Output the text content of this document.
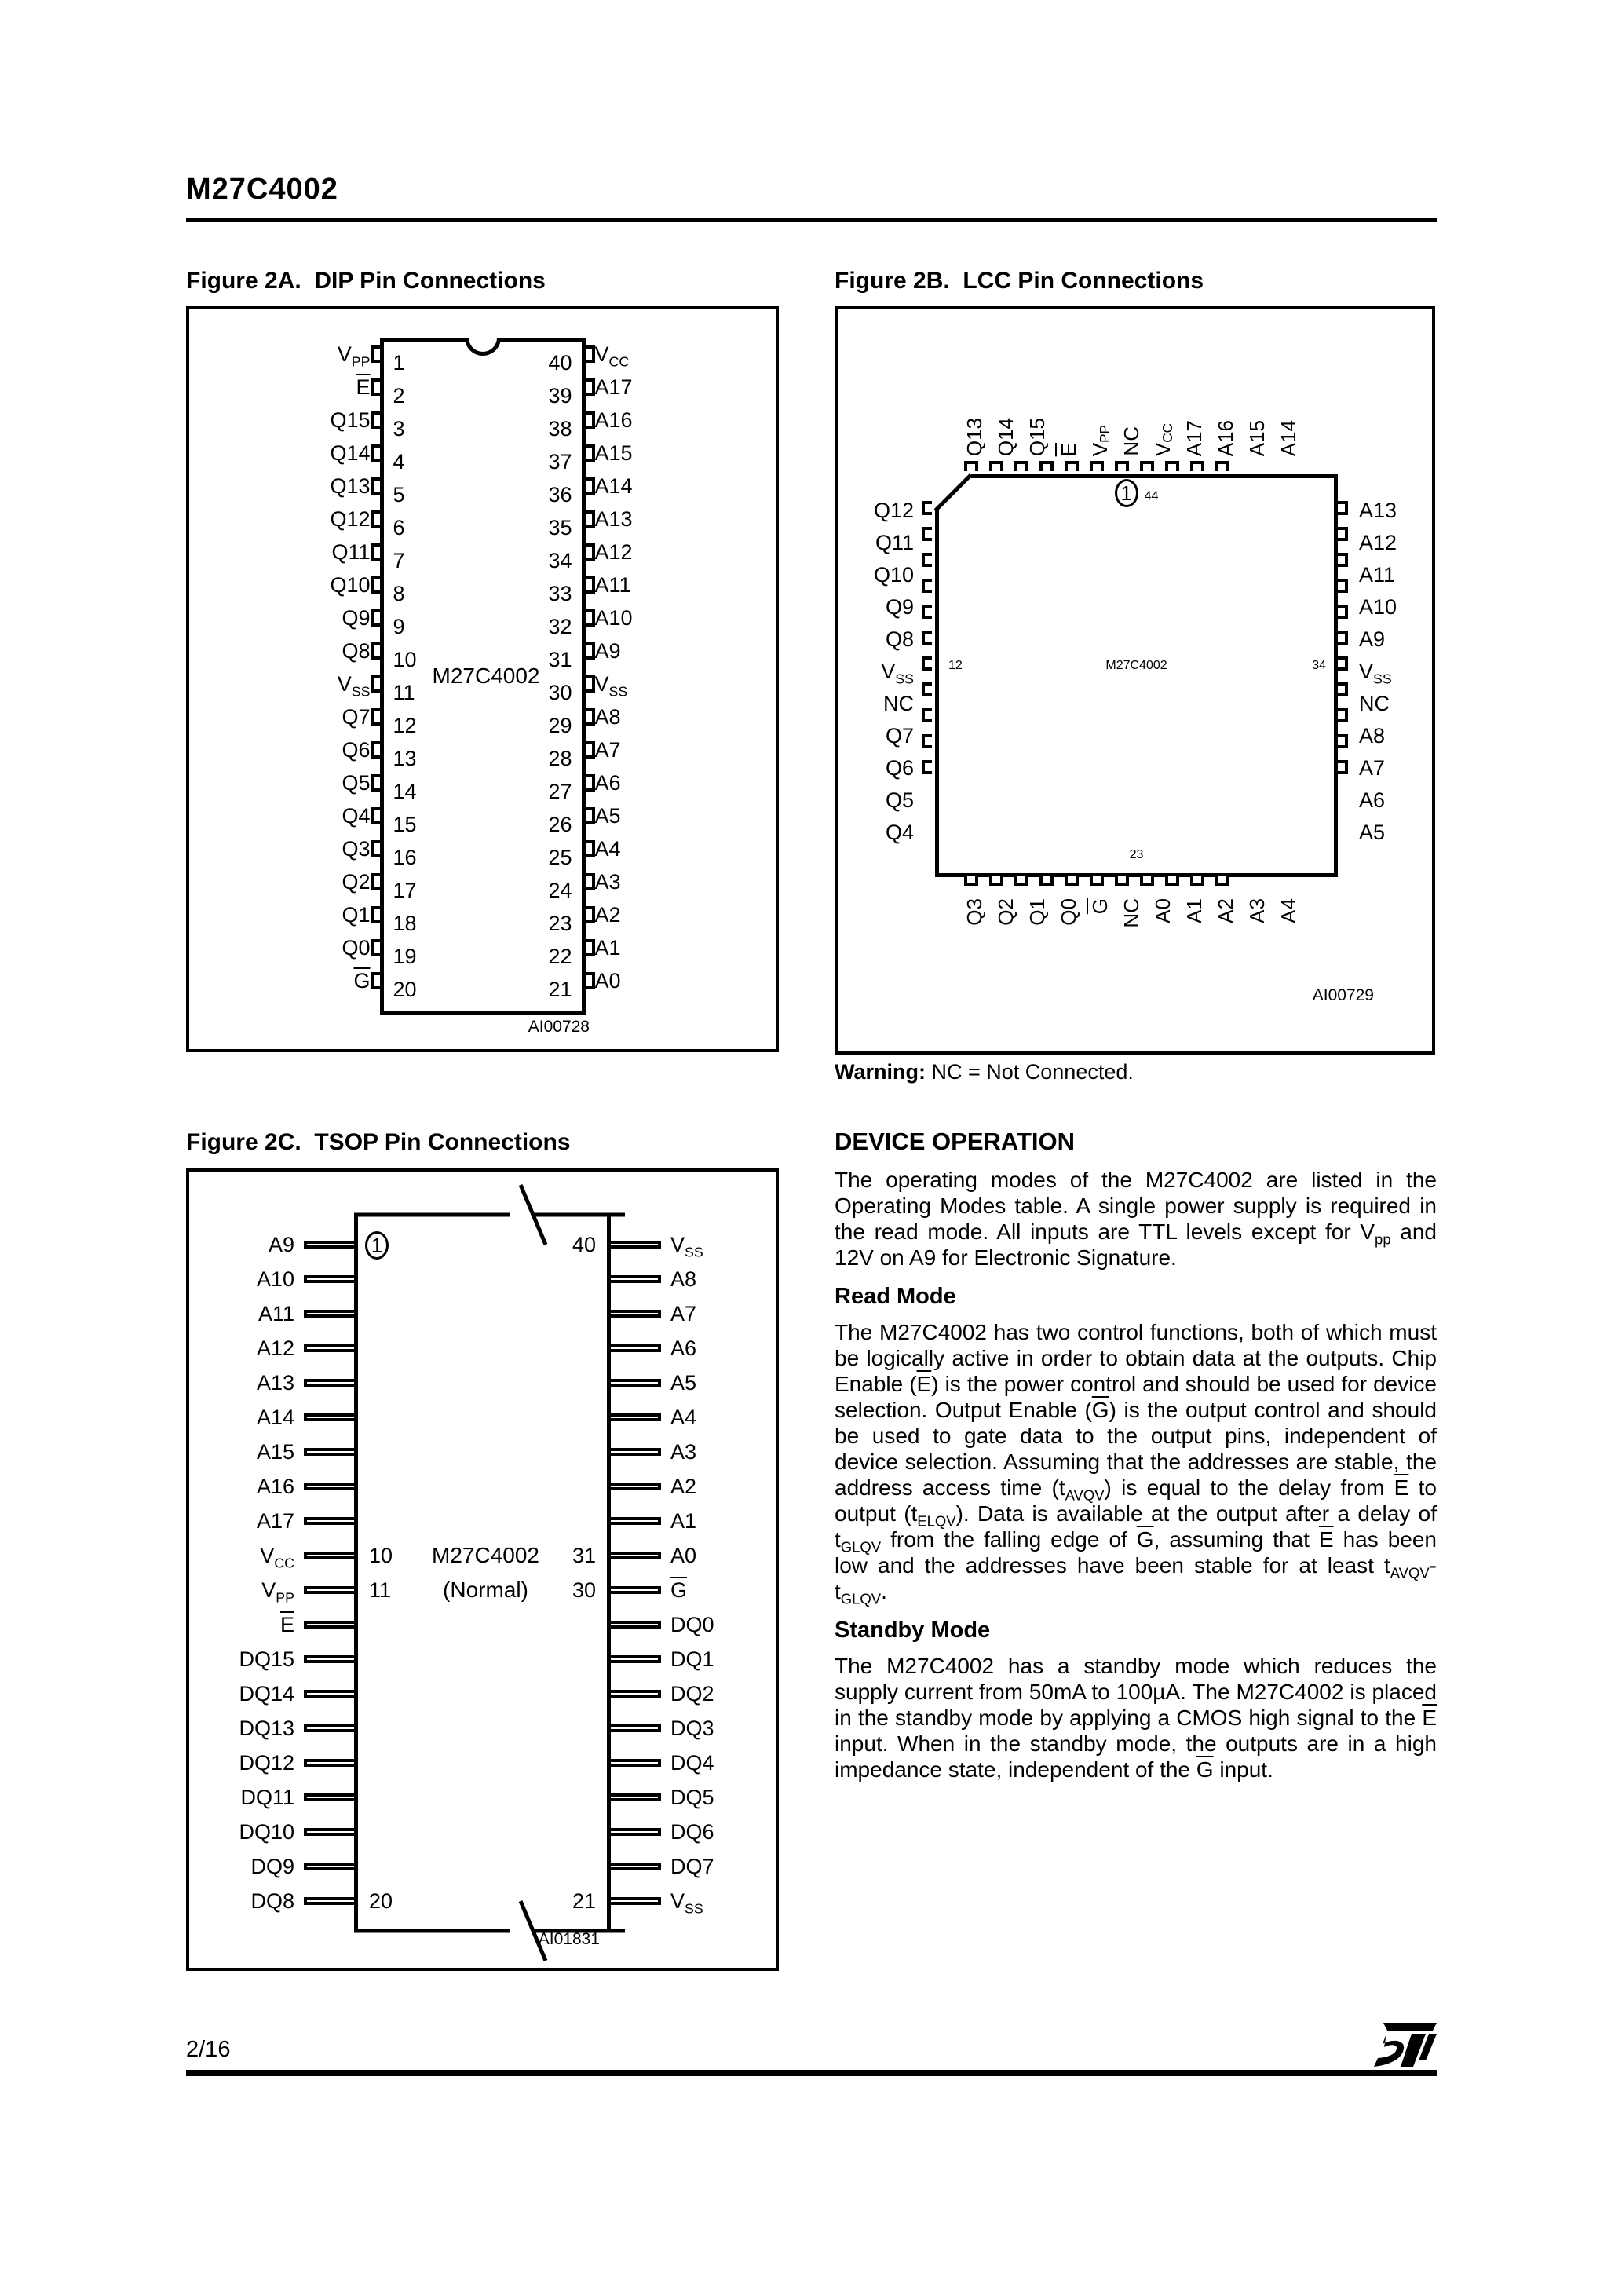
M27C4002
Figure 2A.  DIP Pin Connections
$V_{PP}$
$\overline{E}$
Q15
Q14
Q13
Q12
Q11
Q10
Q9
Q8
$V_{SS}$
Q7
Q6
Q5
Q4
Q3
Q2
Q1
Q0
$\overline{G}$
1	40
2	39
3	38
4	37
5	36
6	35
7	34
8	33
9	32
10	31
11	30
12	29
13	28
14	27
15	26
16	25
17	24
18	23
19	22
20	21
$V_{CC}$
A17
A16
A15
A14
A13
A12
A11
A10
A9
$V_{SS}$
A8
A7
A6
A5
A4
A3
A2
A1
A0
M27C4002
AI00728
Figure 2B.  LCC Pin Connections
Q13 Q14 Q15 E $V_{PP}$ NC $V_{CC}$ A17 A16 A15 A14
Q3 Q2 Q1 Q0 G NC A0 A1 A2 A3 A4
Q12
Q11
Q10
Q9
Q8
$V_{SS}$
NC
Q7
Q6
Q5
Q4
A13
A12
A11
A10
A9
$V_{SS}$
NC
A8
A7
A6
A5
1 44
12	34
M27C4002
23
AI00729
Warning: NC = Not Connected.
Figure 2C.  TSOP Pin Connections
A9
A10
A11
A12
A13
A14
A15
A16
A17
$V_{CC}$
$V_{PP}$
$\overline{E}$
DQ15
DQ14
DQ13
DQ12
DQ11
DQ10
DQ9
DQ8
40
10	31
11	30
20	21
$V_{SS}$
A8
A7
A6
A5
A4
A3
A2
A1
A0
$\overline{G}$
DQ0
DQ1
DQ2
DQ3
DQ4
DQ5
DQ6
DQ7
$V_{SS}$
M27C4002
(Normal)
1
AI01831
DEVICE OPERATION

The operating modes of the M27C4002 are listed in the Operating Modes table. A single power supply is required in the read mode. All inputs are TTL levels except for $V_{pp}$ and 12V on A9 for Electronic Signature.

Read Mode

The M27C4002 has two control functions, both of which must be logically active in order to obtain data at the outputs. Chip Enable $(\overline{E})$ is the power control and should be used for device selection. Output Enable $(\overline{G})$ is the output control and should be used to gate data to the output pins, independent of device selection. Assuming that the addresses are stable, the address access time $(t_{AVQV})$ is equal to the delay from $\overline{E}$ to output $(t_{ELQV})$. Data is available at the output after a delay of $t_{GLQV}$ from the falling edge of $\overline{G}$, assuming that $\overline{E}$ has been low and the addresses have been stable for at least $t_{AVQV}-t_{GLQV}$.

Standby Mode

The M27C4002 has a standby mode which reduces the supply current from 50mA to 100µA. The M27C4002 is placed in the standby mode by applying a CMOS high signal to the $\overline{E}$ input. When in the standby mode, the outputs are in a high impedance state, independent of the $\overline{G}$ input.

2/16
